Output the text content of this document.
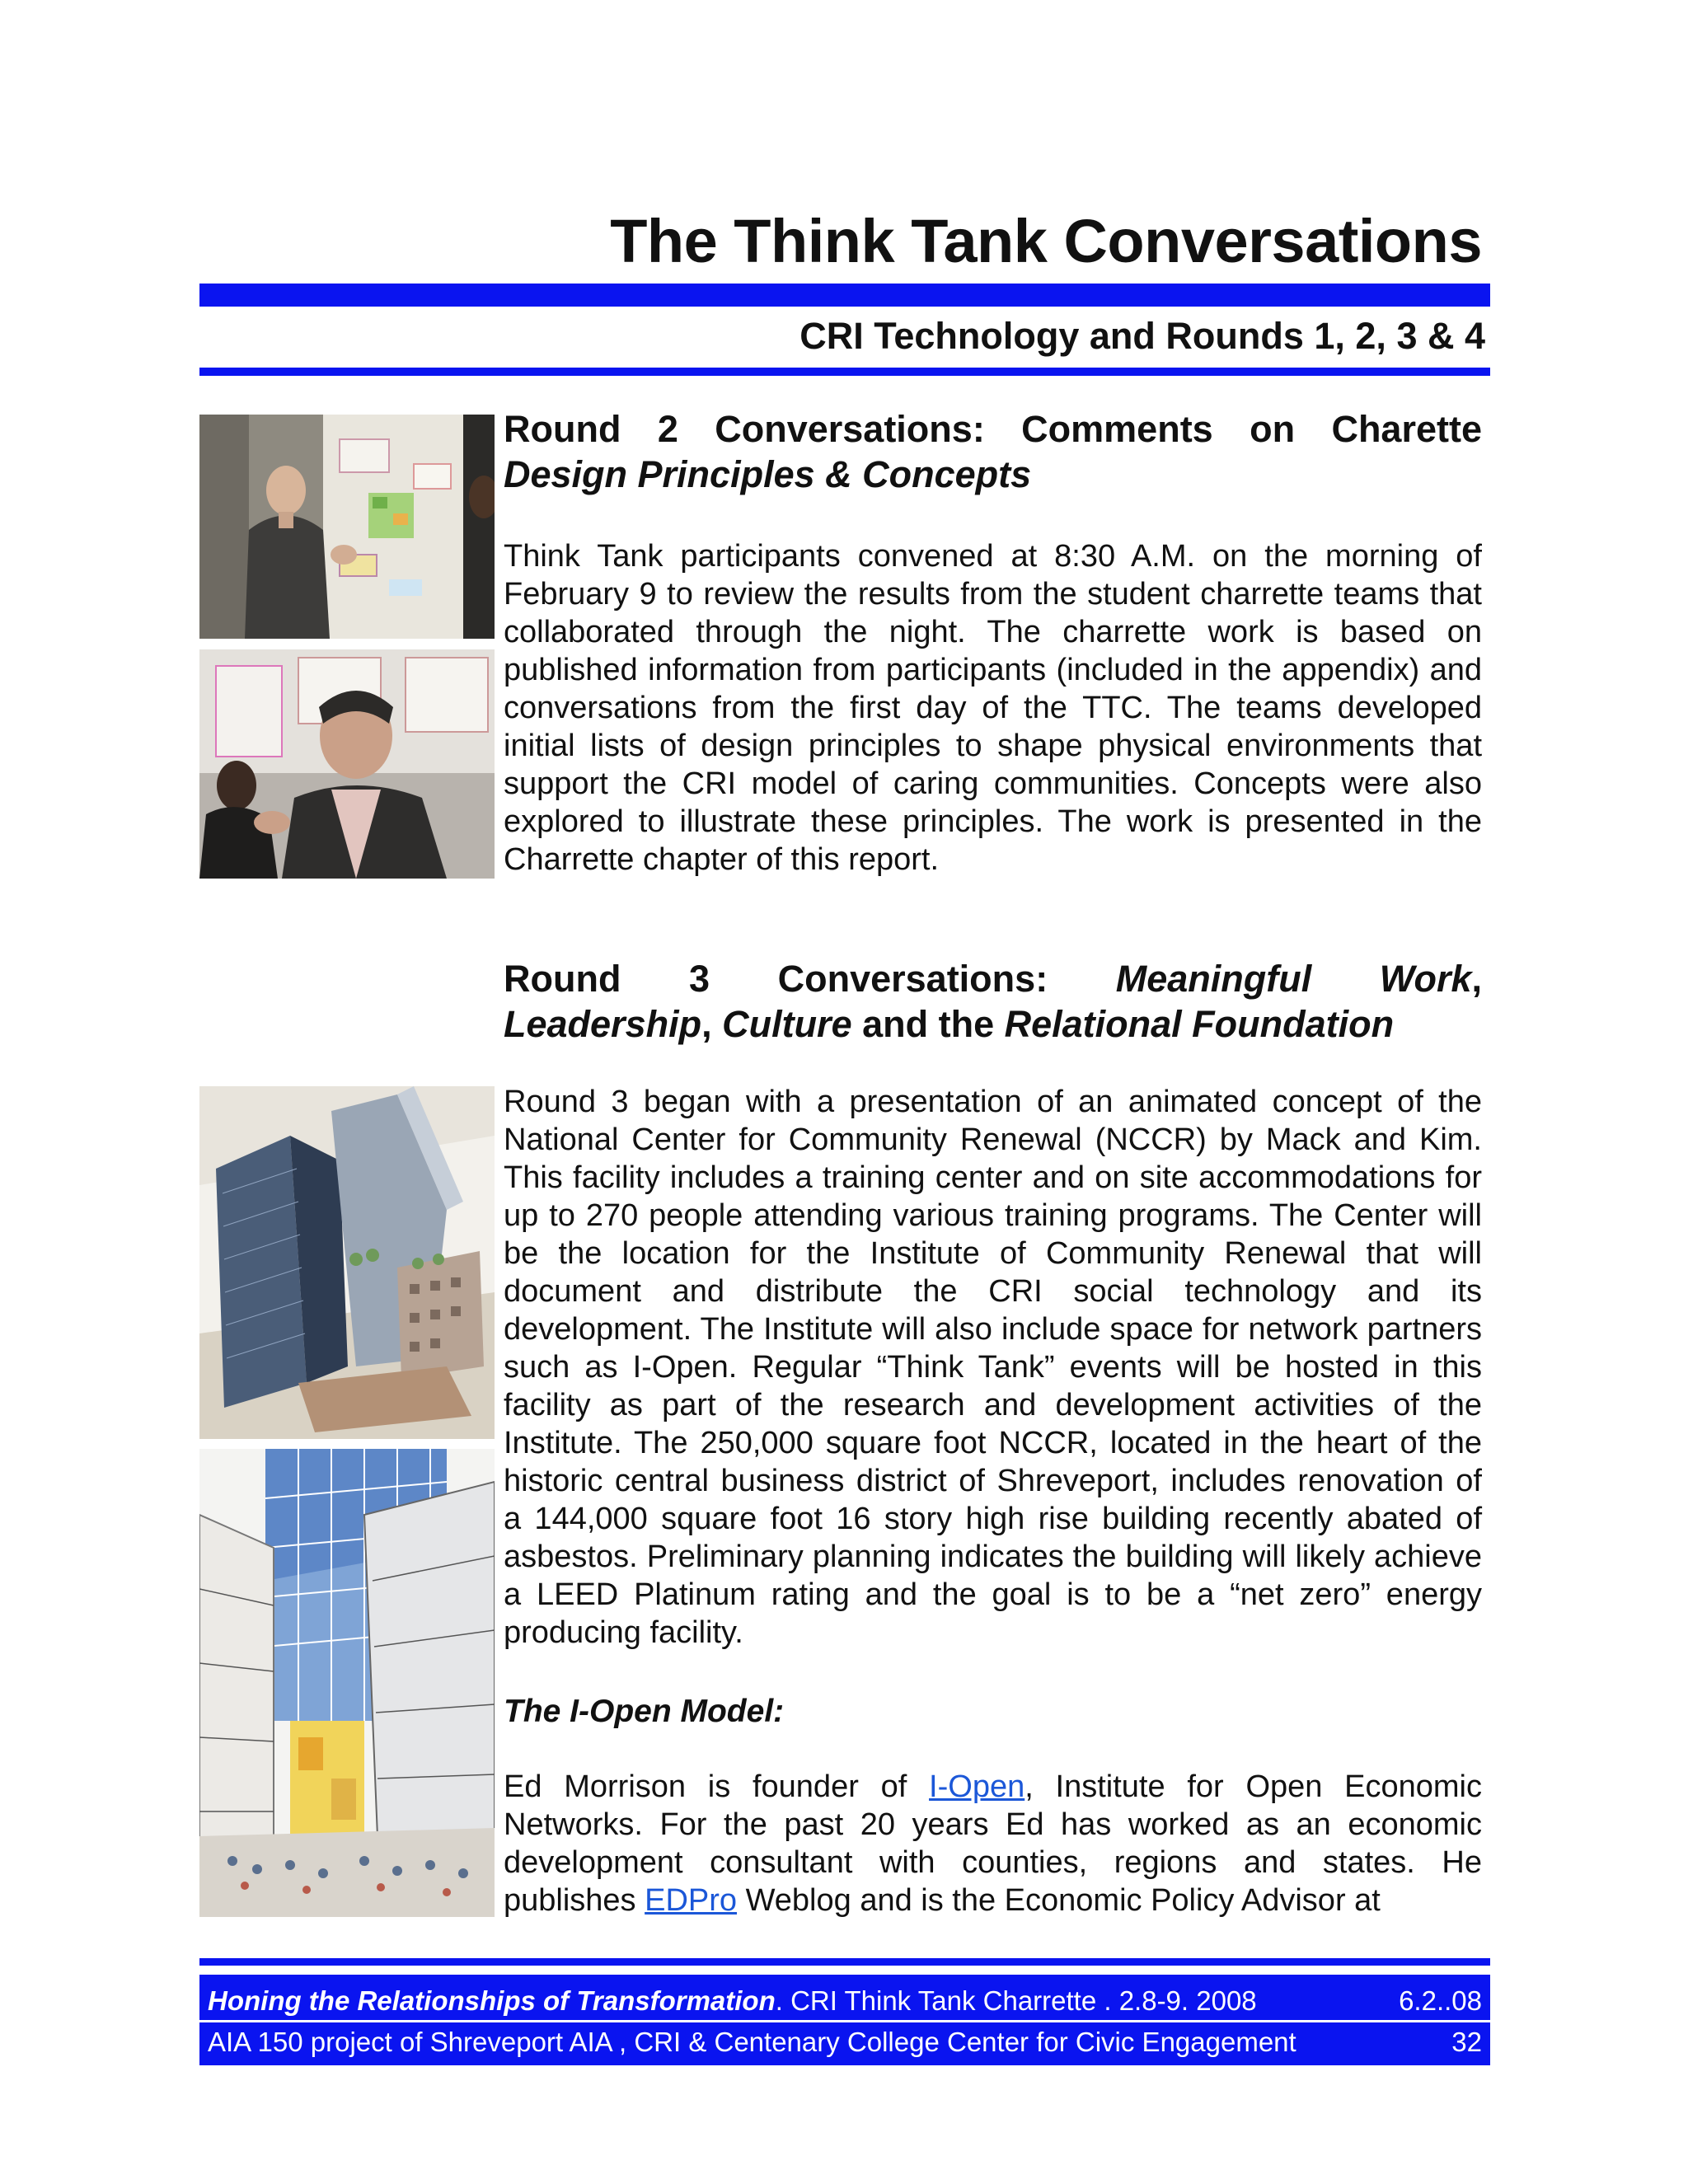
The Think Tank Conversations
CRI Technology and Rounds 1, 2, 3 & 4
Round 2 Conversations: Comments on Charette
Design Principles & Concepts

Think Tank participants convened at 8:30 A.M. on the morning of February 9 to review the results from the student charrette teams that collaborated through the night. The charrette work is based on published information from participants (included in the appendix) and conversations from the first day of the TTC. The teams developed initial lists of design principles to shape physical environments that support the CRI model of caring communities. Concepts were also explored to illustrate these principles. The work is presented in the Charrette chapter of this report.

Round 3 Conversations: Meaningful Work,
Leadership, Culture and the Relational Foundation

Round 3 began with a presentation of an animated concept of the National Center for Community Renewal (NCCR) by Mack and Kim. This facility includes a training center and on site accommodations for up to 270 people attending various training programs. The Center will be the location for the Institute of Community Renewal that will document and distribute the CRI social technology and its development. The Institute will also include space for network partners such as I-Open. Regular “Think Tank” events will be hosted in this facility as part of the research and development activities of the Institute. The 250,000 square foot NCCR, located in the heart of the historic central business district of Shreveport, includes renovation of a 144,000 square foot 16 story high rise building recently abated of asbestos. Preliminary planning indicates the building will likely achieve a LEED Platinum rating and the goal is to be a “net zero” energy producing facility.

The I-Open Model:

Ed Morrison is founder of I-Open, Institute for Open Economic Networks. For the past 20 years Ed has worked as an economic development consultant with counties, regions and states. He publishes EDPro Weblog and is the Economic Policy Advisor at

Honing the Relationships of Transformation. CRI Think Tank Charrette . 2.8-9. 2008	6.2..08
AIA 150 project of Shreveport AIA , CRI & Centenary College Center for Civic Engagement	32
